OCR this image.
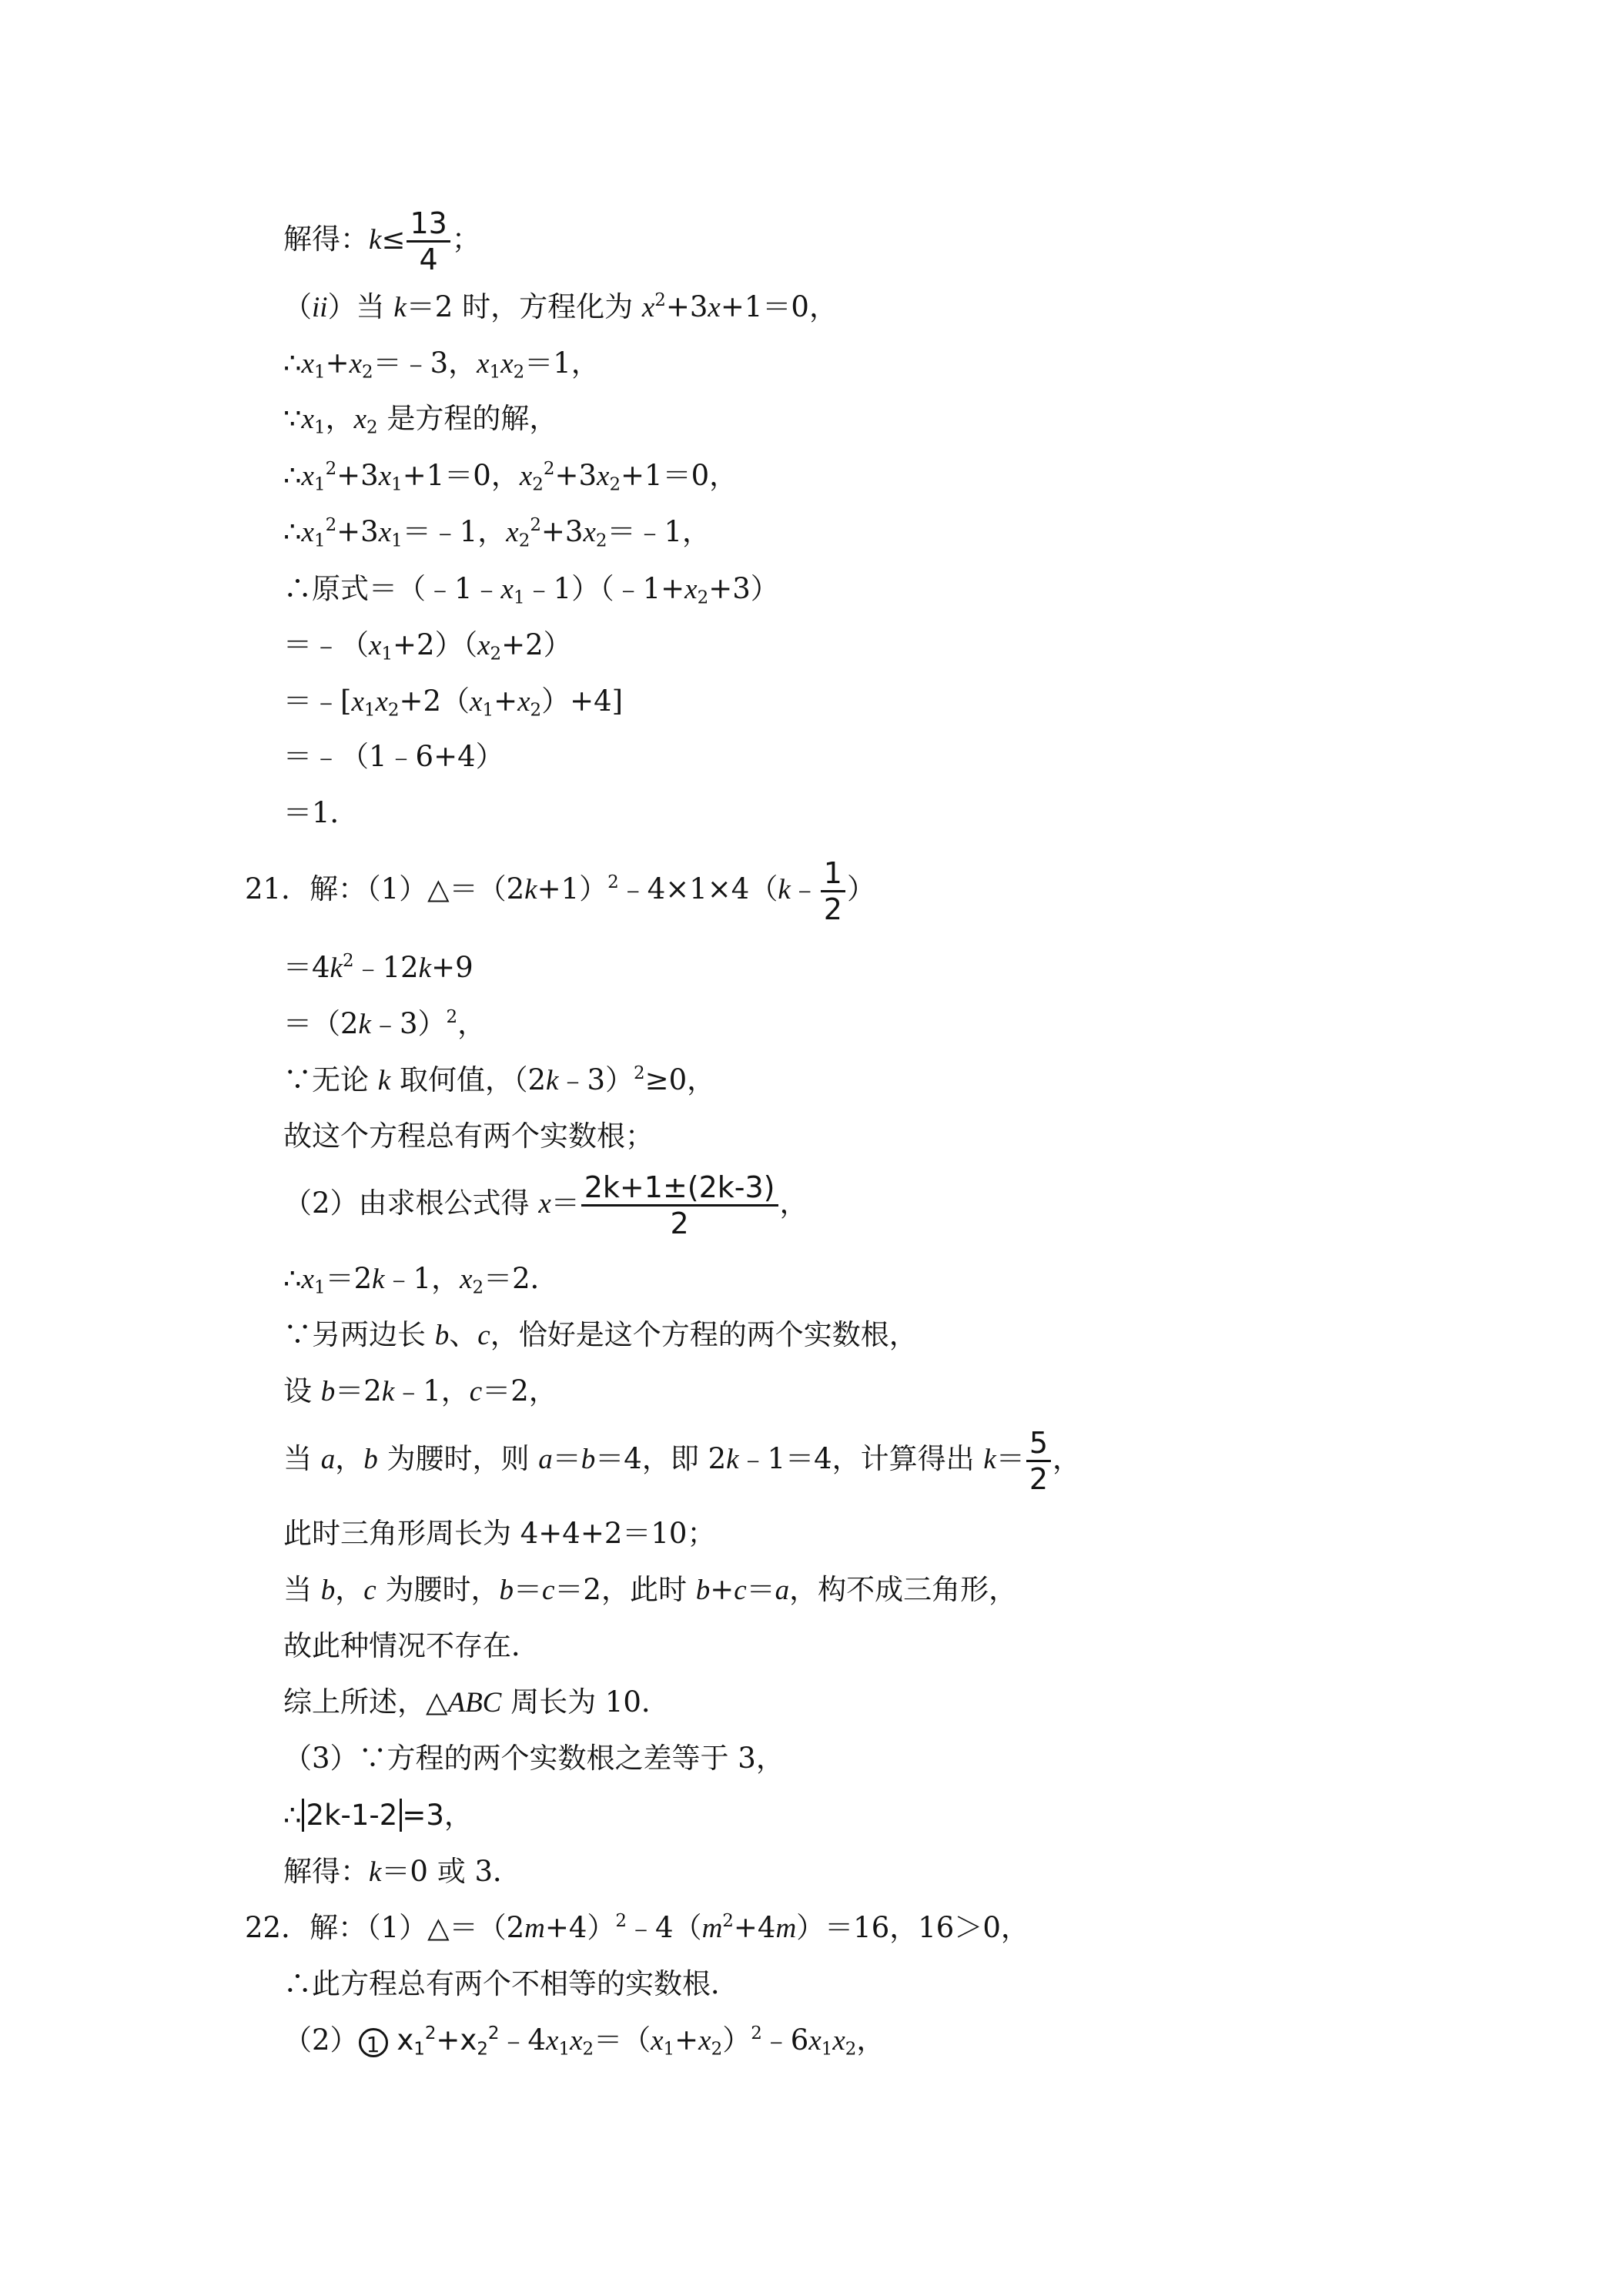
解得：$k\le \frac{13}{4}$ ；
（ii）当 k＝2 时，方程化为 $x^2+3x+1=0$，
$\therefore x_1+x_2=﹣3$，$x_1x_2=1$，
$\because x_1$，$x_2$ 是方程的解，
$\therefore x_1^2+3x_1+1=0$，$x_2^2+3x_2+1=0$，
$\therefore x_1^2+3x_1=﹣1$，$x_2^2+3x_2=﹣1$，
∴原式$=(﹣1﹣x_1﹣1)(﹣1+x_2+3)$
$=﹣(x_1+2)(x_2+2)$
$=﹣[x_1x_2+2(x_1+x_2)+4]$
＝﹣（1﹣6+4）
＝1．
21．解：$(1)\triangle=(2k+1)^2﹣4\times 1\times 4(k﹣ \frac{1}{2}$ ）
$=4k^2﹣12k+9$
＝（2k﹣3）$^2$，
∵无论 k 取何值，（2k﹣3）$^2$≥0，
故这个方程总有两个实数根；
（2）由求根公式得 $x= \frac{2k+1\pm(2k-3)}{2}$ ，
$\therefore x_1=2k﹣1$，$x_2=2$．
∵另两边长 b、c，恰好是这个方程的两个实数根，
设 b＝2k﹣1，c＝2，
当 a，b 为腰时，则 a＝b＝4，即 2k﹣1＝4，计算得出 $k= \frac{5}{2}$ ，
此时三角形周长为 4+4+2＝10；
当 b，c 为腰时，b＝c＝2，此时 b+c＝a，构不成三角形，
故此种情况不存在．
综上所述，△ABC 周长为 10．
（3）∵方程的两个实数根之差等于 3，
∴ 2k-1-2 =3，
解得：k＝0 或 3．
22．解：$(1)\triangle=(2m+4)^2﹣4(m^2+4m)=16$，16＞0，
∴此方程总有两个不相等的实数根．
（2） 1 $x_1^2+x_2^2﹣4x_1x_2=(x_1+x_2)^2﹣6x_1x_2$，
